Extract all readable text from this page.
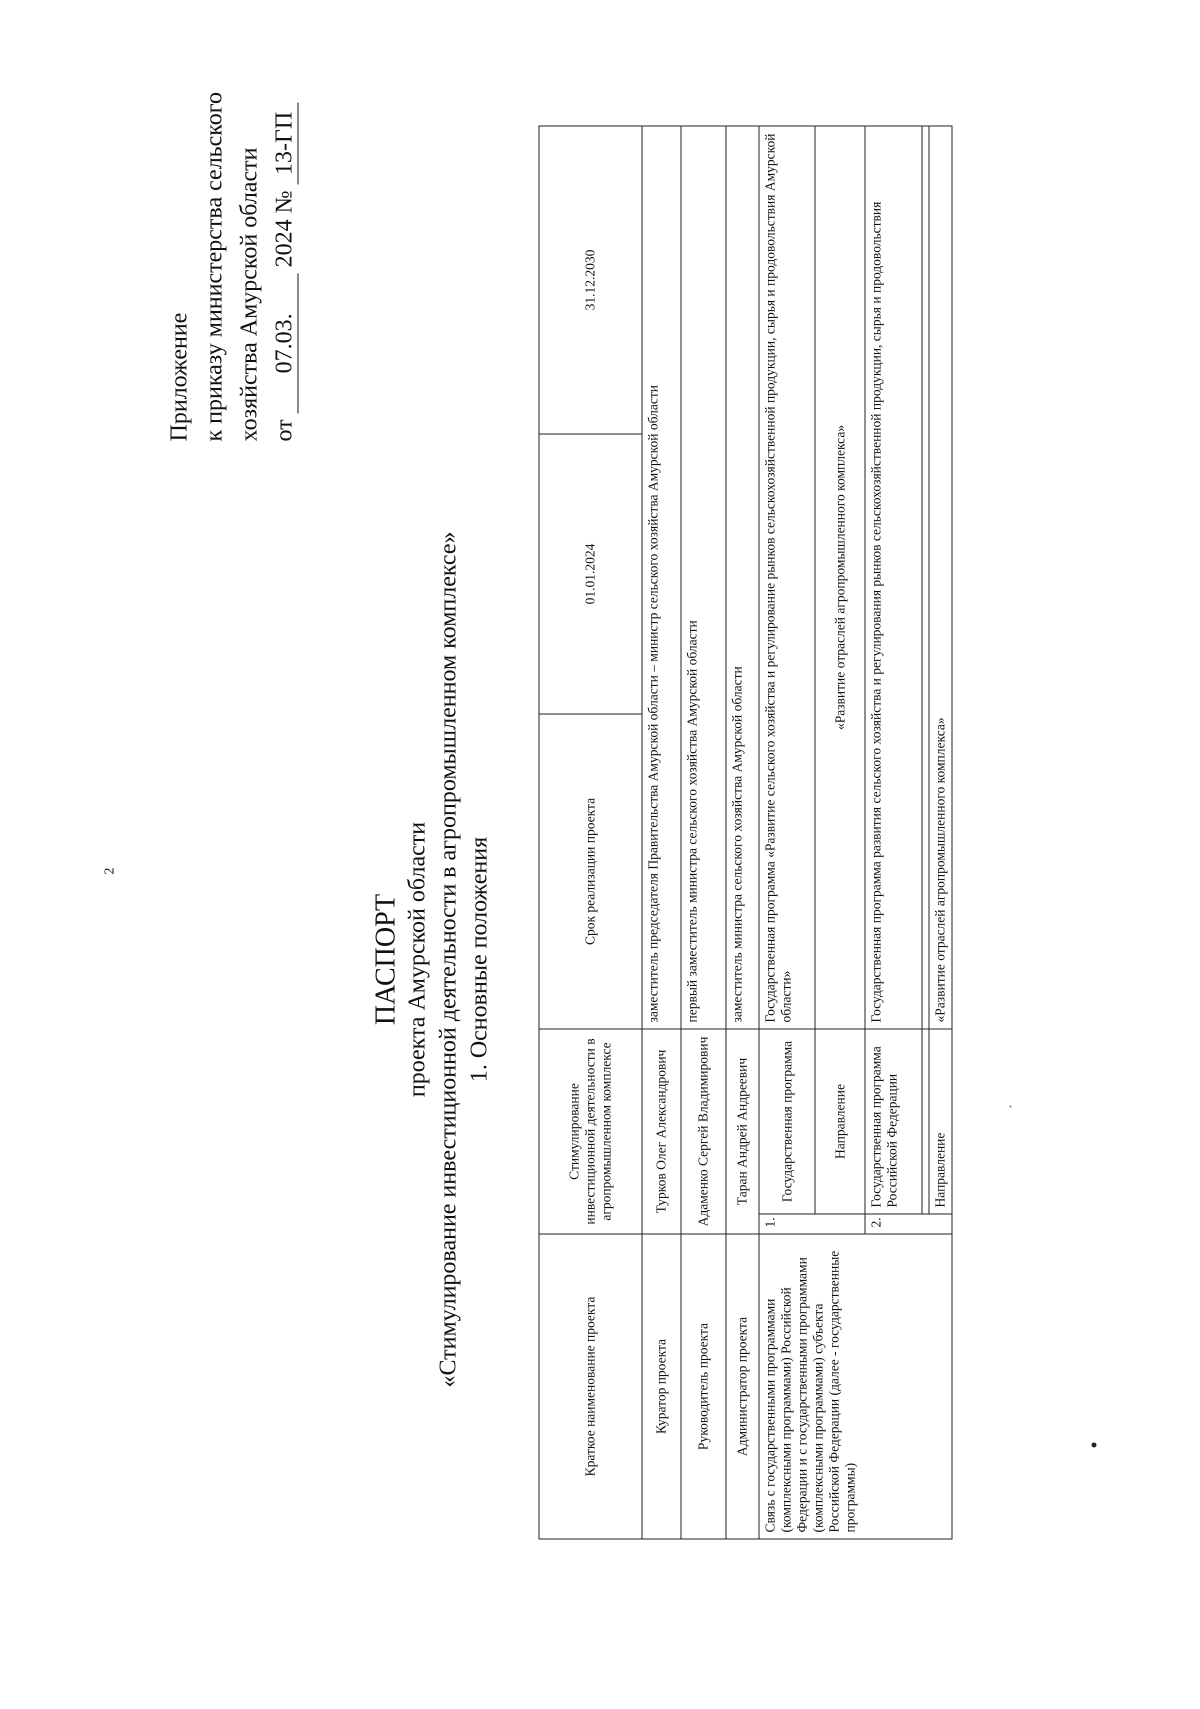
2
Приложение к приказу министерства сельского хозяйства Амурской области от 07.03. 2024 № 13-ГП
ПАСПОРТ проекта Амурской области «Стимулирование инвестиционной деятельности в агропромышленном комплексе» 1. Основные положения
Краткое наименование проекта	Стимулирование инвестиционной деятельности в агропромышленном комплексе		Срок реализации проекта	01.01.2024	31.12.2030
Куратор проекта	Турков Олег Александрович		заместитель председателя Правительства Амурской области – министр сельского хозяйства Амурской области		
Руководитель проекта	Адаменко Сергей Владимирович		первый заместитель министра сельского хозяйства Амурской области		
Администратор проекта	Таран Андрей Андреевич		заместитель министра сельского хозяйства Амурской области		
Связь с государственными программами (комплексными программами) Российской Федерации и с государственными программами (комплексными программами) субъекта Российской Федерации (далее - государственные программы)	1.	Государственная программа	Государственная программа «Развитие сельского хозяйства и регулирование рынков сельскохозяйственной продукции, сырья и продовольствия Амурской области»		
		Направление	«Развитие отраслей агропромышленного комплекса»		
	2.	Государственная программа Российской Федерации	Государственная программа развития сельского хозяйства и регулирования рынков сельскохозяйственной продукции, сырья и продовольствия		

		Направление	«Развитие отраслей агропромышленного комплекса»		
